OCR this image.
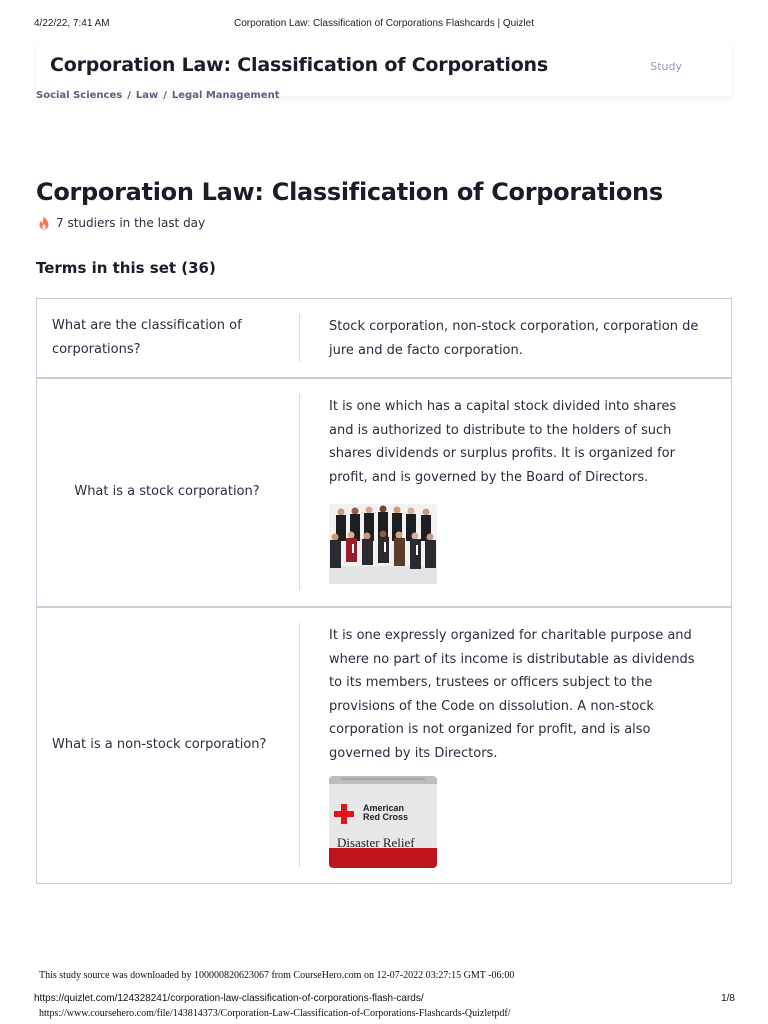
4/22/22, 7:41 AM	Corporation Law: Classification of Corporations Flashcards | Quizlet
Corporation Law: Classification of Corporations	Study
Social Sciences / Law / Legal Management
Corporation Law: Classification of Corporations
7 studiers in the last day
Terms in this set (36)
What are the classification of corporations?
Stock corporation, non-stock corporation, corporation de jure and de facto corporation.
What is a stock corporation?
It is one which has a capital stock divided into shares and is authorized to distribute to the holders of such shares dividends or surplus profits. It is organized for profit, and is governed by the Board of Directors.
What is a non-stock corporation?
It is one expressly organized for charitable purpose and where no part of its income is distributable as dividends to its members, trustees or officers subject to the provisions of the Code on dissolution. A non-stock corporation is not organized for profit, and is also governed by its Directors.
American
Red Cross
Disaster Relief
This study source was downloaded by 100000820623067 from CourseHero.com on 12-07-2022 03:27:15 GMT -06:00
https://quizlet.com/124328241/corporation-law-classification-of-corporations-flash-cards/	1/8
https://www.coursehero.com/file/143814373/Corporation-Law-Classification-of-Corporations-Flashcards-Quizletpdf/
